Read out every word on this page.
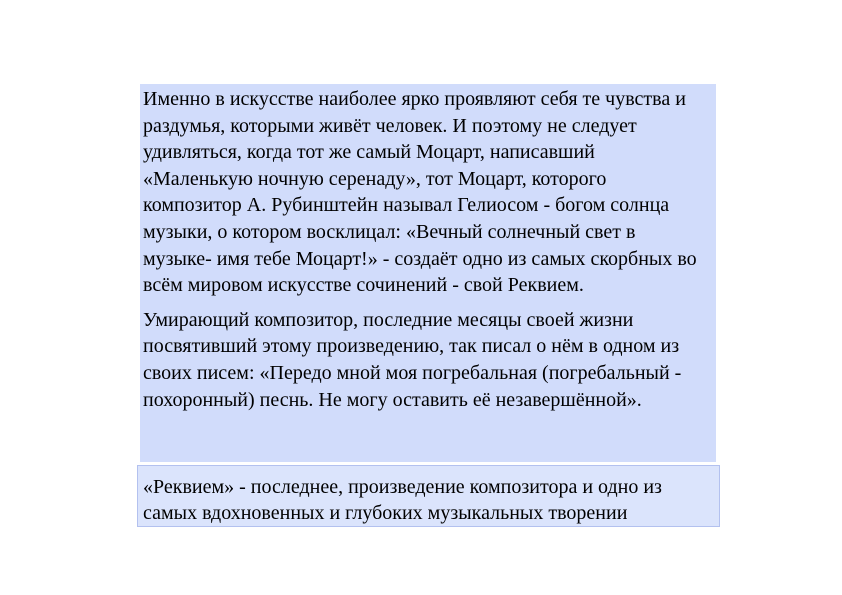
Именно в искусстве наиболее ярко проявляют себя те чувства и раздумья, которыми живёт человек. И поэтому не следует удивляться, когда тот же самый Моцарт, написавший «Маленькую ночную серенаду», тот Моцарт, которого композитор А. Рубинштейн называл Гелиосом - богом солнца музыки, о котором восклицал: «Вечный солнечный свет в музыке- имя тебе Моцарт!» - создаёт одно из самых скорбных во всём мировом искусстве сочинений - свой Реквием.

Умирающий композитор, последние месяцы своей жизни посвятивший этому произведению, так писал о нём в одном из своих писем: «Передо мной моя погребальная (погребальный - похоронный) песнь. Не могу оставить её незавершённой».

«Реквием» - последнее, произведение композитора и одно из самых вдохновенных и глубоких музыкальных творении
